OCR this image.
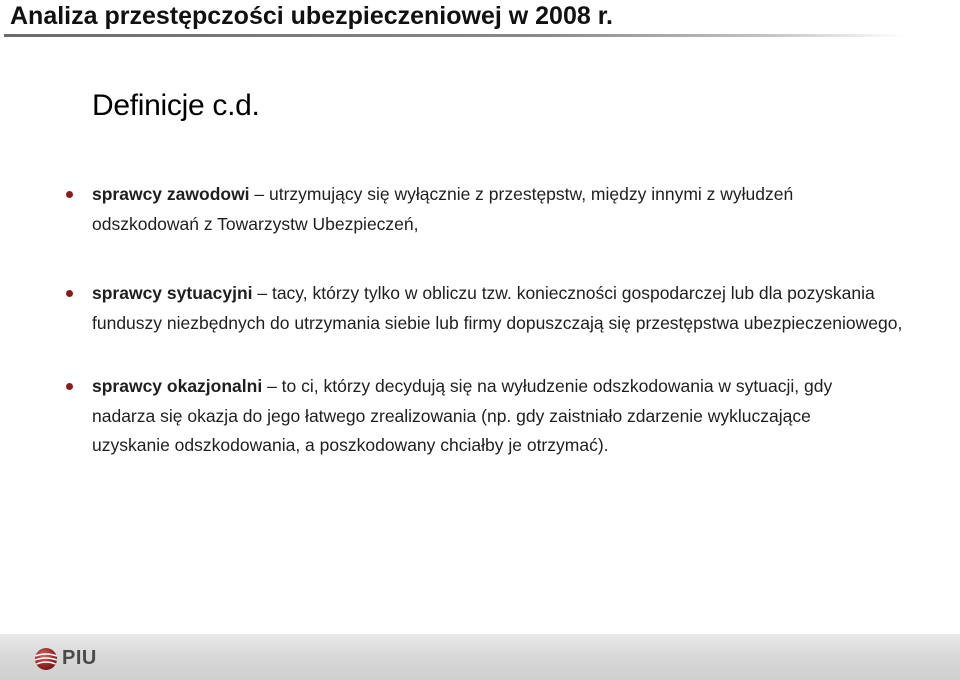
Analiza przestępczości ubezpieczeniowej w 2008 r.
Definicje c.d.
sprawcy zawodowi – utrzymujący się wyłącznie z przestępstw, między innymi z wyłudzeń odszkodowań z Towarzystw Ubezpieczeń,
sprawcy sytuacyjni – tacy, którzy tylko w obliczu tzw. konieczności gospodarczej lub dla pozyskania funduszy niezbędnych do utrzymania siebie lub firmy dopuszczają się przestępstwa ubezpieczeniowego,
sprawcy okazjonalni – to ci, którzy decydują się na wyłudzenie odszkodowania w sytuacji, gdy nadarza się okazja do jego łatwego zrealizowania (np. gdy zaistniało zdarzenie wykluczające uzyskanie odszkodowania, a poszkodowany chciałby je otrzymać).
PIU
